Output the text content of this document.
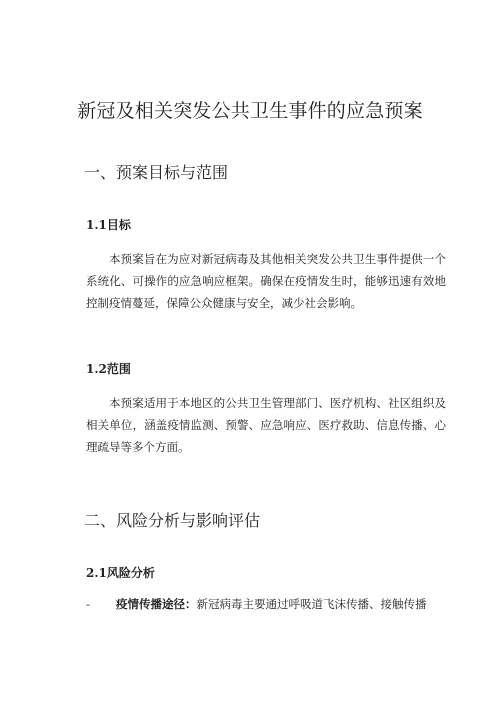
新冠及相关突发公共卫生事件的应急预案
一、预案目标与范围
1.1目标

本预案旨在为应对新冠病毒及其他相关突发公共卫生事件提供一个系统化、可操作的应急响应框架。确保在疫情发生时，能够迅速有效地控制疫情蔓延，保障公众健康与安全，减少社会影响。

1.2范围

本预案适用于本地区的公共卫生管理部门、医疗机构、社区组织及相关单位，涵盖疫情监测、预警、应急响应、医疗救助、信息传播、心理疏导等多个方面。

二、风险分析与影响评估
2.1风险分析
- 疫情传播途径：新冠病毒主要通过呼吸道飞沫传播、接触传播
